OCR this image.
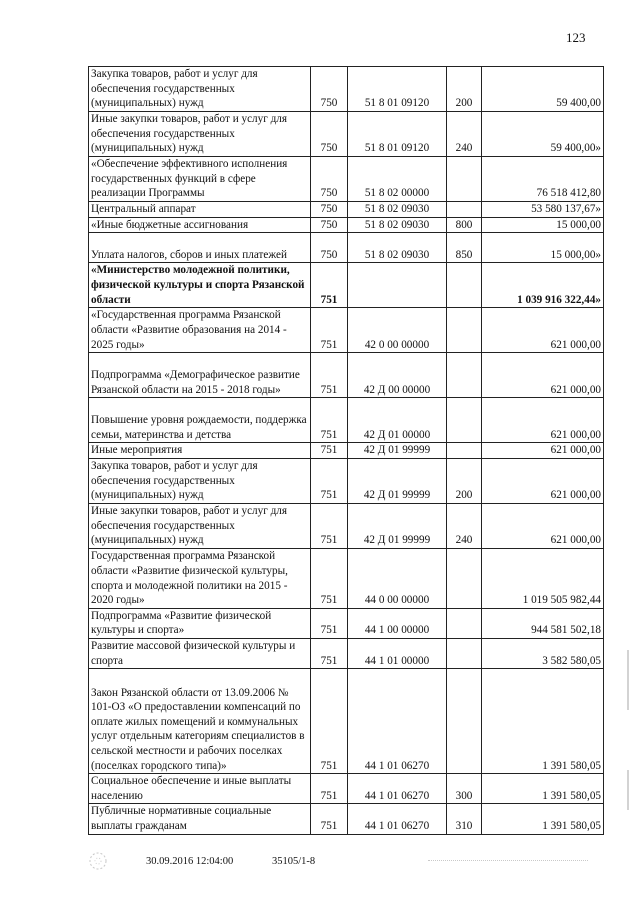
123
Закупка товаров, работ и услуг для обеспечения государственных (муниципальных) нужд	750	51 8 01 09120	200	59 400,00
Иные закупки товаров, работ и услуг для обеспечения государственных (муниципальных) нужд	750	51 8 01 09120	240	59 400,00»
«Обеспечение эффективного исполнения государственных функций в сфере реализации Программы	750	51 8 02 00000		76 518 412,80
Центральный аппарат	750	51 8 02 09030		53 580 137,67»
«Иные бюджетные ассигнования	750	51 8 02 09030	800	15 000,00
Уплата налогов, сборов и иных платежей	750	51 8 02 09030	850	15 000,00»
«Министерство молодежной политики, физической культуры и спорта Рязанской области	751			1 039 916 322,44»
«Государственная программа Рязанской области «Развитие образования на 2014 - 2025 годы»	751	42 0 00 00000		621 000,00
Подпрограмма «Демографическое развитие Рязанской области на 2015 - 2018 годы»	751	42 Д 00 00000		621 000,00
Повышение уровня рождаемости, поддержка семьи, материнства и детства	751	42 Д 01 00000		621 000,00
Иные мероприятия	751	42 Д 01 99999		621 000,00
Закупка товаров, работ и услуг для обеспечения государственных (муниципальных) нужд	751	42 Д 01 99999	200	621 000,00
Иные закупки товаров, работ и услуг для обеспечения государственных (муниципальных) нужд	751	42 Д 01 99999	240	621 000,00
Государственная программа Рязанской области «Развитие физической культуры, спорта и молодежной политики на 2015 - 2020 годы»	751	44 0 00 00000		1 019 505 982,44
Подпрограмма «Развитие физической культуры и спорта»	751	44 1 00 00000		944 581 502,18
Развитие массовой физической культуры и спорта	751	44 1 01 00000		3 582 580,05
Закон Рязанской области от 13.09.2006 № 101-ОЗ «О предоставлении компенсаций по оплате жилых помещений и коммунальных услуг отдельным категориям специалистов в сельской местности и рабочих поселках (поселках городского типа)»	751	44 1 01 06270		1 391 580,05
Социальное обеспечение и иные выплаты населению	751	44 1 01 06270	300	1 391 580,05
Публичные нормативные социальные выплаты гражданам	751	44 1 01 06270	310	1 391 580,05
30.09.2016 12:04:00	35105/1-8
